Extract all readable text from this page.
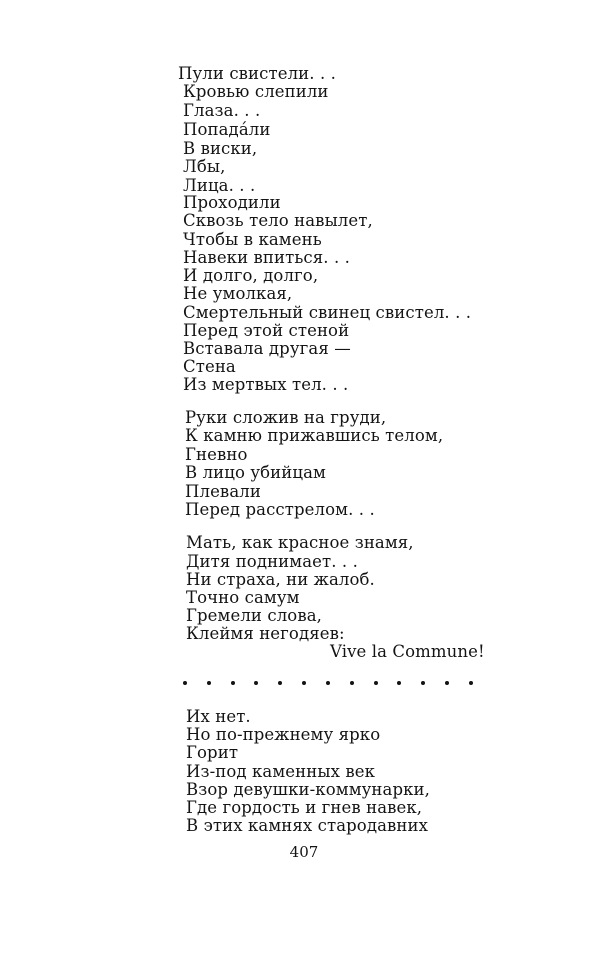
Пули свистели. . .
Кровью слепили
Глаза. . .
Попадáли
В виски,
Лбы,
Лица. . .
Проходили
Сквозь тело навылет,
Чтобы в камень
Навеки впиться. . .
И долго, долго,
Не умолкая,
Смертельный свинец свистел. . .
Перед этой стеной
Вставала другая —
Стена
Из мертвых тел. . .
Руки сложив на груди,
К камню прижавшись телом,
Гневно
В лицо убийцам
Плевали
Перед расстрелом. . .
Мать, как красное знамя,
Дитя поднимает. . .
Ни страха, ни жалоб.
Точно самум
Гремели слова,
Клеймя негодяев:
Vive la Commune!
Их нет.
Но по-прежнему ярко
Горит
Из-под каменных век
Взор девушки-коммунарки,
Где гордость и гнев навек,
В этих камнях стародавних
407
